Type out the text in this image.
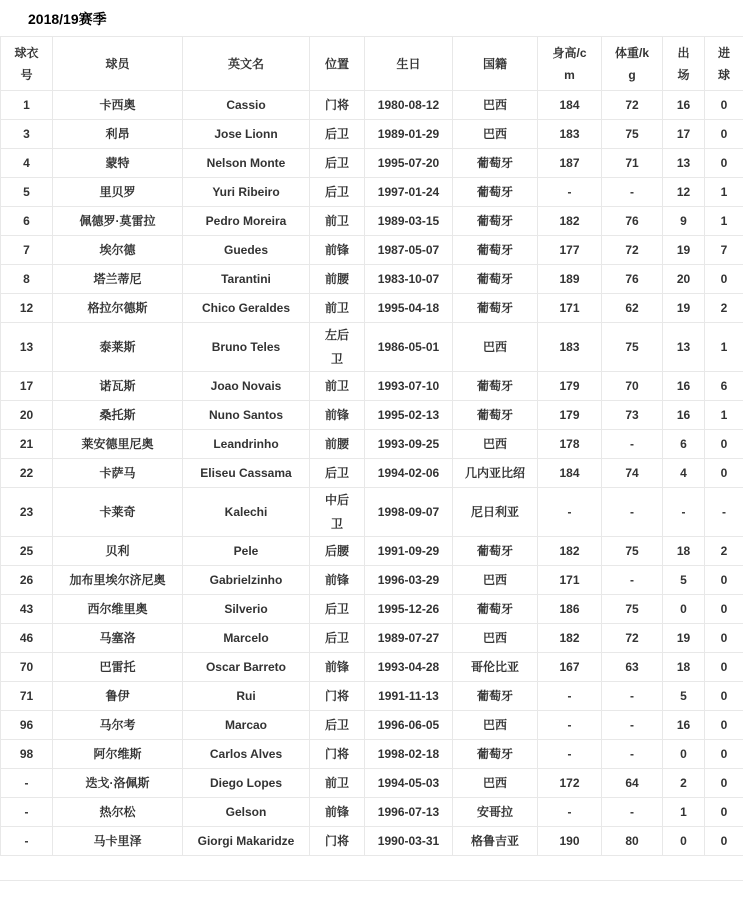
2018/19赛季
球衣号	球员	英文名	位置	生日	国籍	身高/cm	体重/kg	出场	进球
1	卡西奥	Cassio	门将	1980-08-12	巴西	184	72	16	0
3	利昂	Jose Lionn	后卫	1989-01-29	巴西	183	75	17	0
4	蒙特	Nelson Monte	后卫	1995-07-20	葡萄牙	187	71	13	0
5	里贝罗	Yuri Ribeiro	后卫	1997-01-24	葡萄牙	-	-	12	1
6	佩德罗·莫雷拉	Pedro Moreira	前卫	1989-03-15	葡萄牙	182	76	9	1
7	埃尔德	Guedes	前锋	1987-05-07	葡萄牙	177	72	19	7
8	塔兰蒂尼	Tarantini	前腰	1983-10-07	葡萄牙	189	76	20	0
12	格拉尔德斯	Chico Geraldes	前卫	1995-04-18	葡萄牙	171	62	19	2
13	泰莱斯	Bruno Teles	左后卫	1986-05-01	巴西	183	75	13	1
17	诺瓦斯	Joao Novais	前卫	1993-07-10	葡萄牙	179	70	16	6
20	桑托斯	Nuno Santos	前锋	1995-02-13	葡萄牙	179	73	16	1
21	莱安德里尼奥	Leandrinho	前腰	1993-09-25	巴西	178	-	6	0
22	卡萨马	Eliseu Cassama	后卫	1994-02-06	几内亚比绍	184	74	4	0
23	卡莱奇	Kalechi	中后卫	1998-09-07	尼日利亚	-	-	-	-
25	贝利	Pele	后腰	1991-09-29	葡萄牙	182	75	18	2
26	加布里埃尔济尼奥	Gabrielzinho	前锋	1996-03-29	巴西	171	-	5	0
43	西尔维里奥	Silverio	后卫	1995-12-26	葡萄牙	186	75	0	0
46	马塞洛	Marcelo	后卫	1989-07-27	巴西	182	72	19	0
70	巴雷托	Oscar Barreto	前锋	1993-04-28	哥伦比亚	167	63	18	0
71	鲁伊	Rui	门将	1991-11-13	葡萄牙	-	-	5	0
96	马尔考	Marcao	后卫	1996-06-05	巴西	-	-	16	0
98	阿尔维斯	Carlos Alves	门将	1998-02-18	葡萄牙	-	-	0	0
-	迭戈·洛佩斯	Diego Lopes	前卫	1994-05-03	巴西	172	64	2	0
-	热尔松	Gelson	前锋	1996-07-13	安哥拉	-	-	1	0
-	马卡里泽	Giorgi Makaridze	门将	1990-03-31	格鲁吉亚	190	80	0	0
